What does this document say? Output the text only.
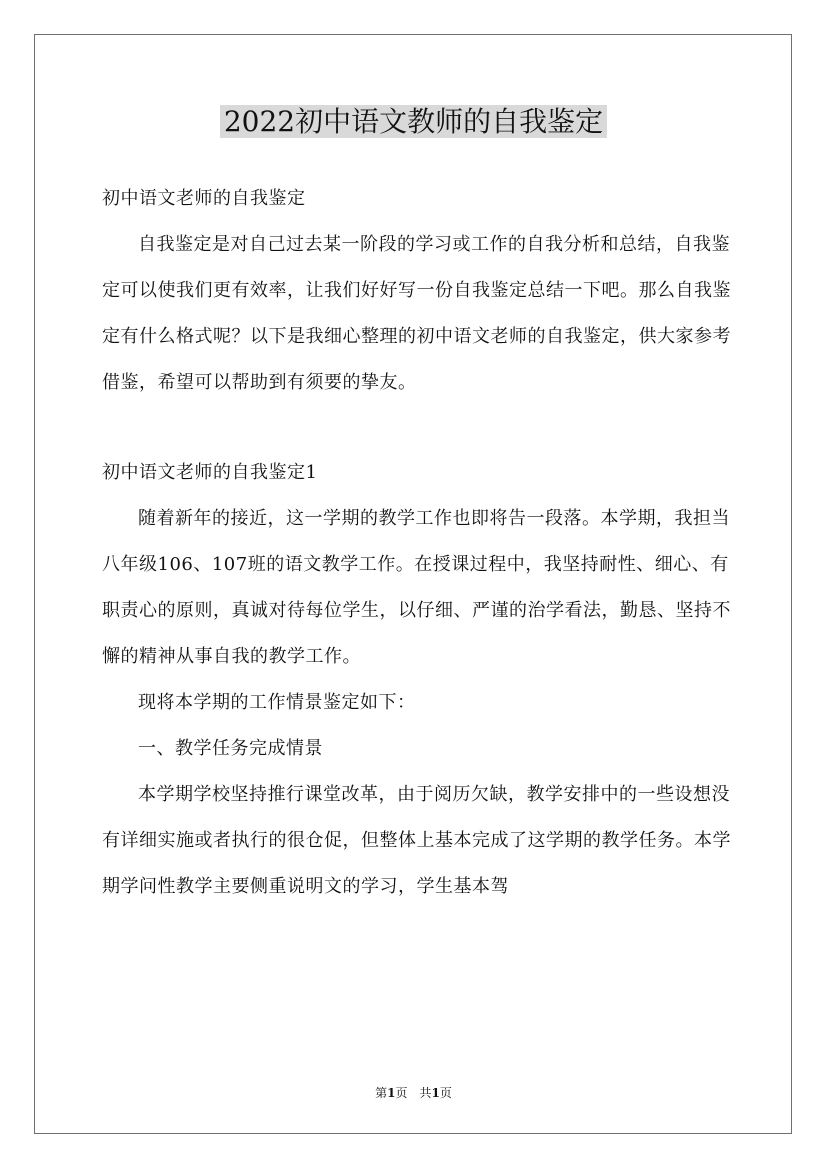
2022初中语文教师的自我鉴定

初中语文老师的自我鉴定

自我鉴定是对自己过去某一阶段的学习或工作的自我分析和总结，自我鉴定可以使我们更有效率，让我们好好写一份自我鉴定总结一下吧。那么自我鉴定有什么格式呢？以下是我细心整理的初中语文老师的自我鉴定，供大家参考借鉴，希望可以帮助到有须要的挚友。

初中语文老师的自我鉴定1

随着新年的接近，这一学期的教学工作也即将告一段落。本学期，我担当八年级106、107班的语文教学工作。在授课过程中，我坚持耐性、细心、有职责心的原则，真诚对待每位学生，以仔细、严谨的治学看法，勤恳、坚持不懈的精神从事自我的教学工作。

现将本学期的工作情景鉴定如下：

一、教学任务完成情景

本学期学校坚持推行课堂改革，由于阅历欠缺，教学安排中的一些设想没有详细实施或者执行的很仓促，但整体上基本完成了这学期的教学任务。本学期学问性教学主要侧重说明文的学习，学生基本驾

第1页　共1页
